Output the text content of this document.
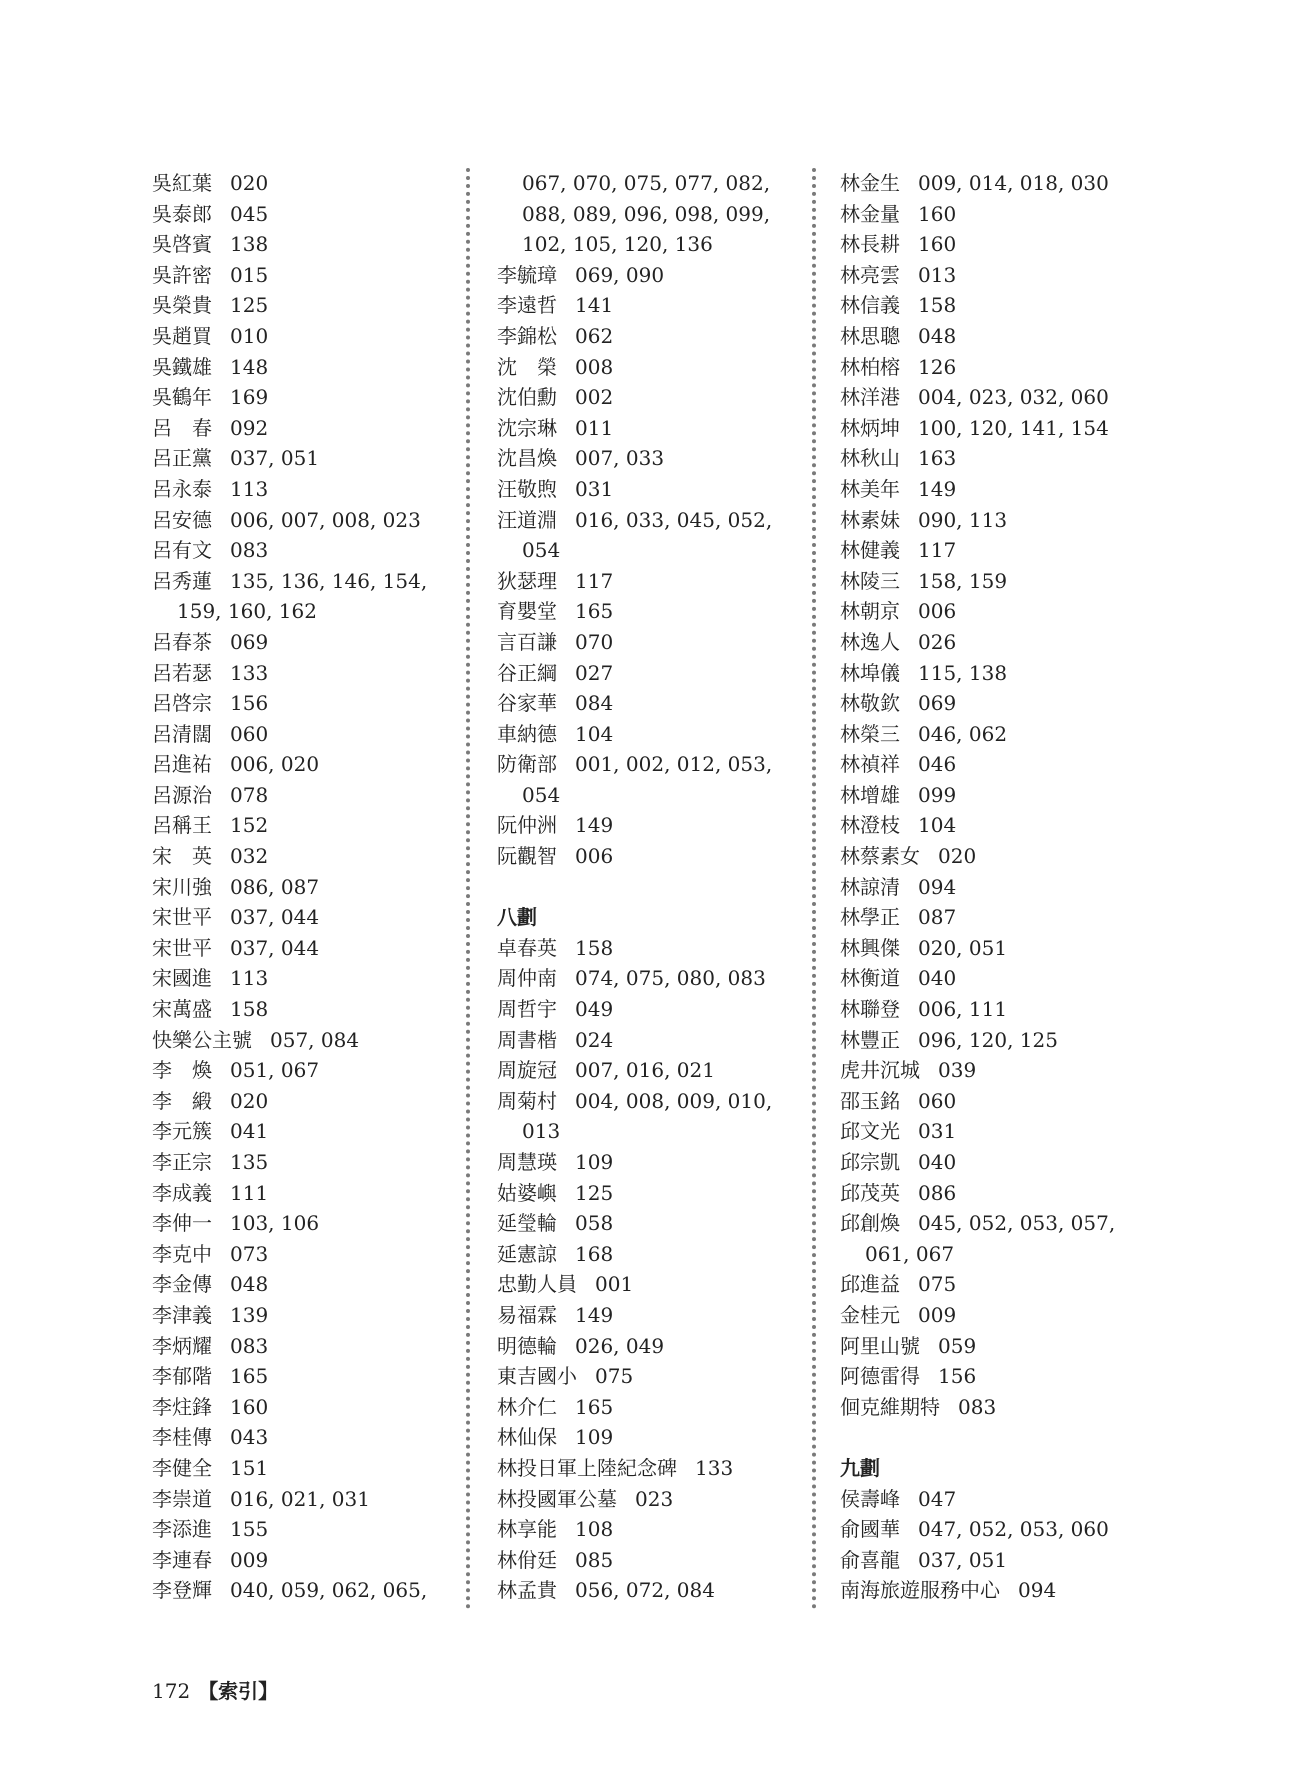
吳紅葉 020
吳泰郎 045
吳啓賓 138
吳許密 015
吳榮貴 125
吳趙買 010
吳鐵雄 148
吳鶴年 169
呂　春 092
呂正黨 037, 051
呂永泰 113
呂安德 006, 007, 008, 023
呂有文 083
呂秀蓮 135, 136, 146, 154,
159, 160, 162
呂春茶 069
呂若瑟 133
呂啓宗 156
呂清闊 060
呂進祐 006, 020
呂源治 078
呂稱王 152
宋　英 032
宋川強 086, 087
宋世平 037, 044
宋世平 037, 044
宋國進 113
宋萬盛 158
快樂公主號 057, 084
李　煥 051, 067
李　緞 020
李元簇 041
李正宗 135
李成義 111
李伸一 103, 106
李克中 073
李金傳 048
李津義 139
李炳耀 083
李郁階 165
李炷鋒 160
李桂傳 043
李健全 151
李崇道 016, 021, 031
李添進 155
李連春 009
李登輝 040, 059, 062, 065,
067, 070, 075, 077, 082,
088, 089, 096, 098, 099,
102, 105, 120, 136
李毓璋 069, 090
李遠哲 141
李錦松 062
沈　榮 008
沈伯勳 002
沈宗琳 011
沈昌煥 007, 033
汪敬煦 031
汪道淵 016, 033, 045, 052,
054
狄瑟理 117
育嬰堂 165
言百謙 070
谷正綱 027
谷家華 084
車納德 104
防衛部 001, 002, 012, 053,
054
阮仲洲 149
阮觀智 006
八劃
卓春英 158
周仲南 074, 075, 080, 083
周哲宇 049
周書楷 024
周旋冠 007, 016, 021
周菊村 004, 008, 009, 010,
013
周慧瑛 109
姑婆嶼 125
延瑩輪 058
延憲諒 168
忠勤人員 001
易福霖 149
明德輪 026, 049
東吉國小 075
林介仁 165
林仙保 109
林投日軍上陸紀念碑 133
林投國軍公墓 023
林享能 108
林佾廷 085
林孟貴 056, 072, 084
林金生 009, 014, 018, 030
林金量 160
林長耕 160
林亮雲 013
林信義 158
林思聰 048
林柏榕 126
林洋港 004, 023, 032, 060
林炳坤 100, 120, 141, 154
林秋山 163
林美年 149
林素妹 090, 113
林健義 117
林陵三 158, 159
林朝京 006
林逸人 026
林埠儀 115, 138
林敬欽 069
林榮三 046, 062
林禎祥 046
林增雄 099
林澄枝 104
林蔡素女 020
林諒清 094
林學正 087
林興傑 020, 051
林衡道 040
林聯登 006, 111
林豐正 096, 120, 125
虎井沉城 039
邵玉銘 060
邱文光 031
邱宗凱 040
邱茂英 086
邱創煥 045, 052, 053, 057,
061, 067
邱進益 075
金桂元 009
阿里山號 059
阿德雷得 156
佪克維期特 083
九劃
侯壽峰 047
俞國華 047, 052, 053, 060
俞喜龍 037, 051
南海旅遊服務中心 094
172 【索引】
